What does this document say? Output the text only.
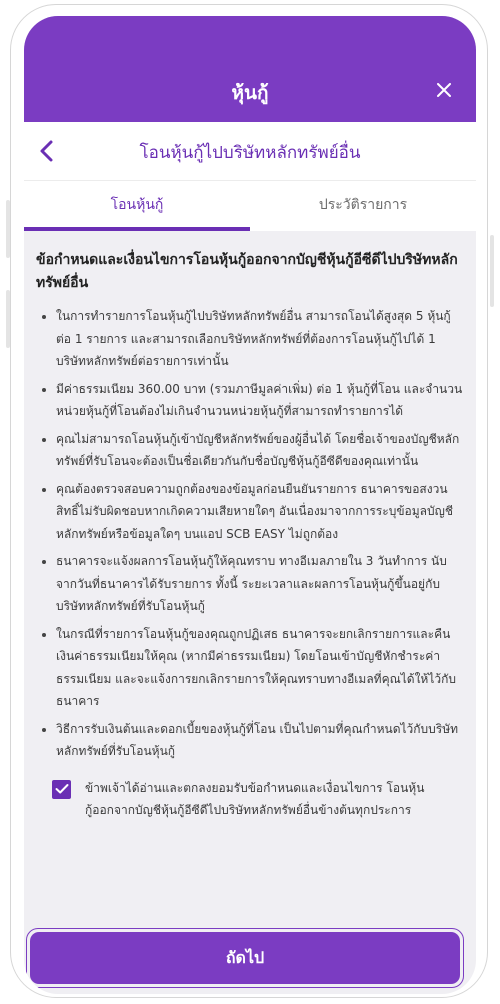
หุ้นกู้
โอนหุ้นกู้ไปบริษัทหลักทรัพย์อื่น
โอนหุ้นกู้	ประวัติรายการ
ข้อกำหนดและเงื่อนไขการโอนหุ้นกู้ออกจากบัญชีหุ้นกู้อีซีดีไปบริษัทหลักทรัพย์อื่น
ในการทำรายการโอนหุ้นกู้ไปบริษัทหลักทรัพย์อื่น สามารถโอนได้สูงสุด 5 หุ้นกู้ ต่อ 1 รายการ และสามารถเลือกบริษัทหลักทรัพย์ที่ต้องการโอนหุ้นกู้ไปได้ 1 บริษัทหลักทรัพย์ต่อรายการเท่านั้น
มีค่าธรรมเนียม 360.00 บาท (รวมภาษีมูลค่าเพิ่ม) ต่อ 1 หุ้นกู้ที่โอน และจำนวนหน่วยหุ้นกู้ที่โอนต้องไม่เกินจำนวนหน่วยหุ้นกู้ที่สามารถทำรายการได้
คุณไม่สามารถโอนหุ้นกู้เข้าบัญชีหลักทรัพย์ของผู้อื่นได้ โดยชื่อเจ้าของบัญชีหลักทรัพย์ที่รับโอนจะต้องเป็นชื่อเดียวกันกับชื่อบัญชีหุ้นกู้อีซีดีของคุณเท่านั้น
คุณต้องตรวจสอบความถูกต้องของข้อมูลก่อนยืนยันรายการ ธนาคารขอสงวนสิทธิ์ไม่รับผิดชอบหากเกิดความเสียหายใดๆ อันเนื่องมาจากการระบุข้อมูลบัญชีหลักทรัพย์หรือข้อมูลใดๆ บนแอป SCB EASY ไม่ถูกต้อง
ธนาคารจะแจ้งผลการโอนหุ้นกู้ให้คุณทราบ ทางอีเมลภายใน 3 วันทำการ นับจากวันที่ธนาคารได้รับรายการ ทั้งนี้ ระยะเวลาและผลการโอนหุ้นกู้ขึ้นอยู่กับบริษัทหลักทรัพย์ที่รับโอนหุ้นกู้
ในกรณีที่รายการโอนหุ้นกู้ของคุณถูกปฏิเสธ ธนาคารจะยกเลิกรายการและคืนเงินค่าธรรมเนียมให้คุณ (หากมีค่าธรรมเนียม) โดยโอนเข้าบัญชีหักชำระค่าธรรมเนียม และจะแจ้งการยกเลิกรายการให้คุณทราบทางอีเมลที่คุณได้ให้ไว้กับธนาคาร
วิธีการรับเงินต้นและดอกเบี้ยของหุ้นกู้ที่โอน เป็นไปตามที่คุณกำหนดไว้กับบริษัทหลักทรัพย์ที่รับโอนหุ้นกู้
ข้าพเจ้าได้อ่านและตกลงยอมรับข้อกำหนดและเงื่อนไขการ โอนหุ้นกู้ออกจากบัญชีหุ้นกู้อีซีดีไปบริษัทหลักทรัพย์อื่นข้างต้นทุกประการ
ถัดไป
